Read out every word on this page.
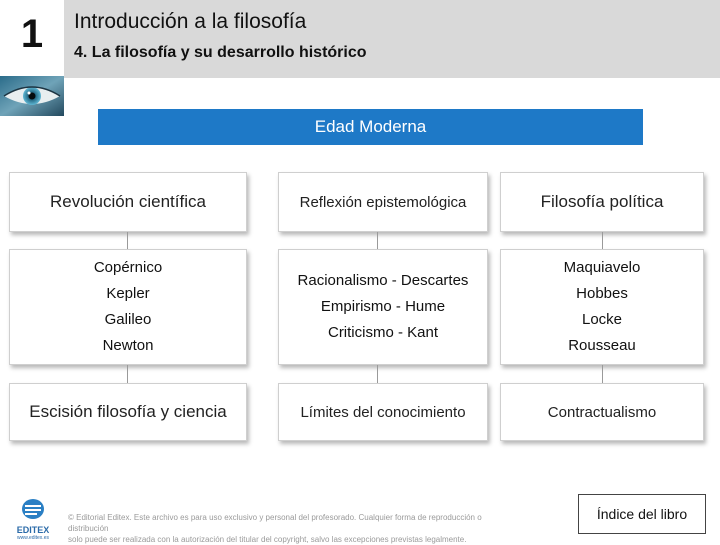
1	Introducción a la filosofía
4. La filosofía y su desarrollo histórico
Edad Moderna
Revolución científica
Copérnico
Kepler
Galileo
Newton
Escisión filosofía y ciencia
Reflexión epistemológica
Racionalismo - Descartes
Empirismo - Hume
Criticismo - Kant
Límites del conocimiento
Filosofía política
Maquiavelo
Hobbes
Locke
Rousseau
Contractualismo
EDITEX
www.editex.es
© Editorial Editex. Este archivo es para uso exclusivo y personal del profesorado. Cualquier forma de reproducción o distribución
solo puede ser realizada con la autorización del titular del copyright, salvo las excepciones previstas legalmente.
Índice del libro
